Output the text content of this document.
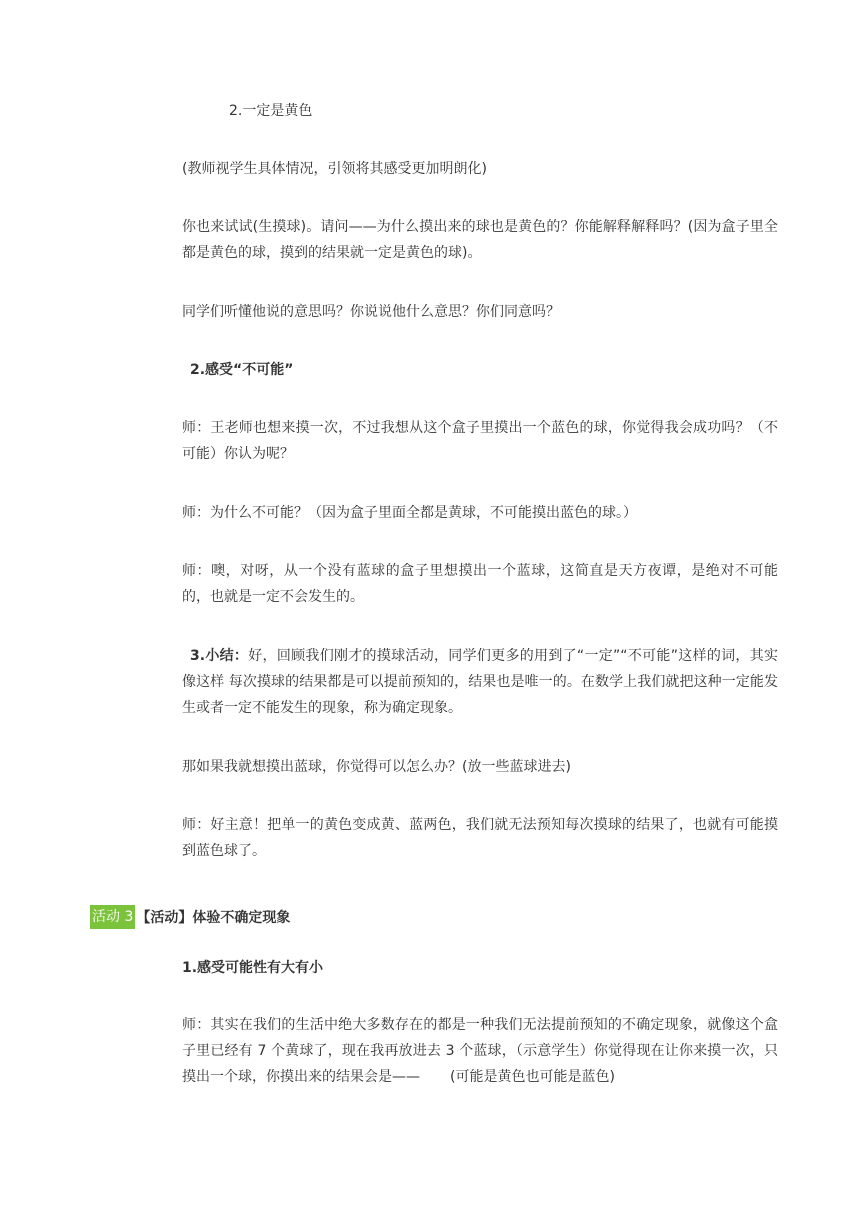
2.一定是黄色
(教师视学生具体情况，引领将其感受更加明朗化)
你也来试试(生摸球)。请问——为什么摸出来的球也是黄色的？你能解释解释吗？(因为盒子里全都是黄色的球，摸到的结果就一定是黄色的球)。
同学们听懂他说的意思吗？你说说他什么意思？你们同意吗？
2.感受“不可能”
师：王老师也想来摸一次，不过我想从这个盒子里摸出一个蓝色的球，你觉得我会成功吗？（不可能）你认为呢？
师：为什么不可能？（因为盒子里面全都是黄球，不可能摸出蓝色的球。）
师：噢，对呀，从一个没有蓝球的盒子里想摸出一个蓝球，这简直是天方夜谭，是绝对不可能的，也就是一定不会发生的。
3.小结：好，回顾我们刚才的摸球活动，同学们更多的用到了“一定”“不可能”这样的词，其实像这样 每次摸球的结果都是可以提前预知的，结果也是唯一的。在数学上我们就把这种一定能发生或者一定不能发生的现象，称为确定现象。
那如果我就想摸出蓝球，你觉得可以怎么办？(放一些蓝球进去)
师：好主意！把单一的黄色变成黄、蓝两色，我们就无法预知每次摸球的结果了，也就有可能摸到蓝色球了。
活动 3 【活动】体验不确定现象
1.感受可能性有大有小
师：其实在我们的生活中绝大多数存在的都是一种我们无法提前预知的不确定现象，就像这个盒子里已经有 7 个黄球了，现在我再放进去 3 个蓝球，（示意学生）你觉得现在让你来摸一次，只摸出一个球，你摸出来的结果会是—— (可能是黄色也可能是蓝色)
